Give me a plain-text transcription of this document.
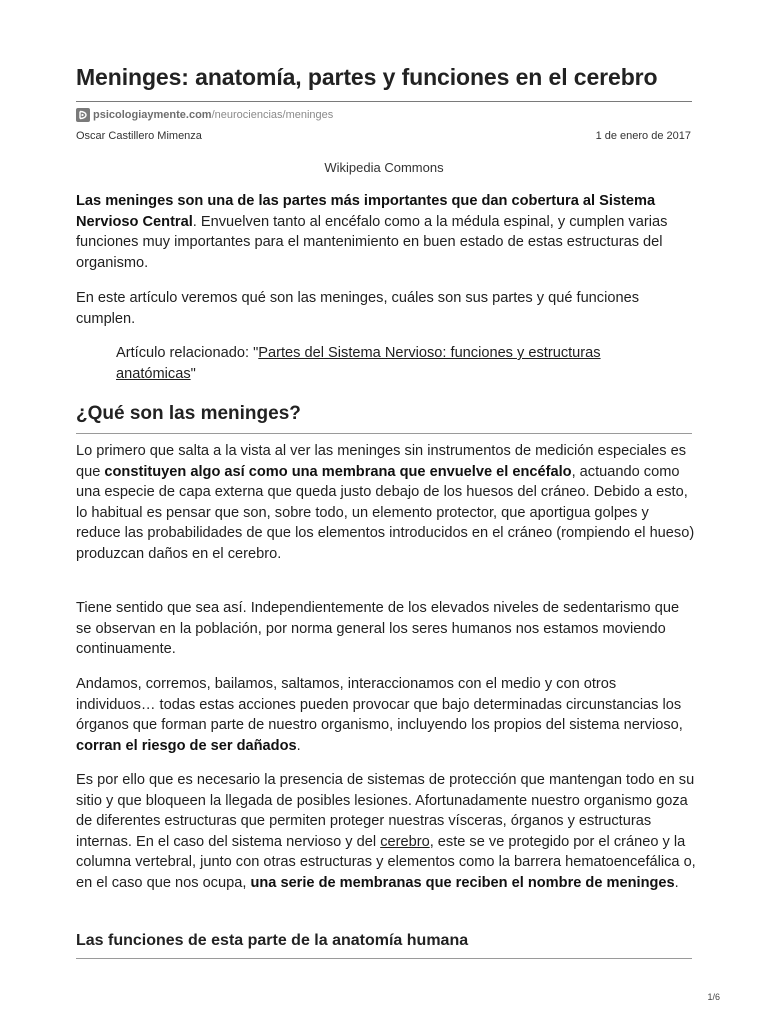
Meninges: anatomía, partes y funciones en el cerebro
psicologiaymente.com /neurociencias/meninges
Oscar Castillero Mimenza	1 de enero de 2017
Wikipedia Commons

Las meninges son una de las partes más importantes que dan cobertura al Sistema Nervioso Central. Envuelven tanto al encéfalo como a la médula espinal, y cumplen varias funciones muy importantes para el mantenimiento en buen estado de estas estructuras del organismo.

En este artículo veremos qué son las meninges, cuáles son sus partes y qué funciones cumplen.

Artículo relacionado: "Partes del Sistema Nervioso: funciones y estructuras anatómicas"

¿Qué son las meninges?

Lo primero que salta a la vista al ver las meninges sin instrumentos de medición especiales es que constituyen algo así como una membrana que envuelve el encéfalo, actuando como una especie de capa externa que queda justo debajo de los huesos del cráneo. Debido a esto, lo habitual es pensar que son, sobre todo, un elemento protector, que aportigua golpes y reduce las probabilidades de que los elementos introducidos en el cráneo (rompiendo el hueso) produzcan daños en el cerebro.

Tiene sentido que sea así. Independientemente de los elevados niveles de sedentarismo que se observan en la población, por norma general los seres humanos nos estamos moviendo continuamente.

Andamos, corremos, bailamos, saltamos, interaccionamos con el medio y con otros individuos… todas estas acciones pueden provocar que bajo determinadas circunstancias los órganos que forman parte de nuestro organismo, incluyendo los propios del sistema nervioso, corran el riesgo de ser dañados.

Es por ello que es necesario la presencia de sistemas de protección que mantengan todo en su sitio y que bloqueen la llegada de posibles lesiones. Afortunadamente nuestro organismo goza de diferentes estructuras que permiten proteger nuestras vísceras, órganos y estructuras internas. En el caso del sistema nervioso y del cerebro, este se ve protegido por el cráneo y la columna vertebral, junto con otras estructuras y elementos como la barrera hematoencefálica o, en el caso que nos ocupa, una serie de membranas que reciben el nombre de meninges.

Las funciones de esta parte de la anatomía humana
1/6
